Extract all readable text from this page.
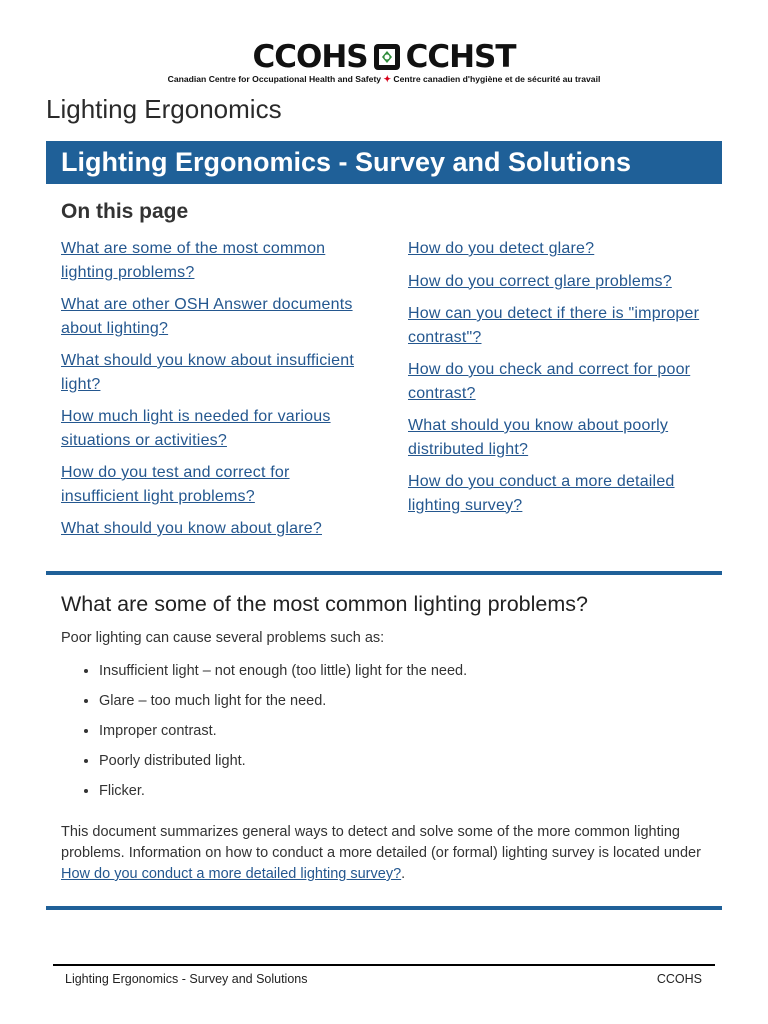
CCOHS CCHST
Canadian Centre for Occupational Health and Safety ✦ Centre canadien d'hygiène et de sécurité au travail
Lighting Ergonomics
Lighting Ergonomics - Survey and Solutions
On this page
What are some of the most common lighting problems?
What are other OSH Answer documents about lighting?
What should you know about insufficient light?
How much light is needed for various situations or activities?
How do you test and correct for insufficient light problems?
What should you know about glare?
How do you detect glare?
How do you correct glare problems?
How can you detect if there is "improper contrast"?
How do you check and correct for poor contrast?
What should you know about poorly distributed light?
How do you conduct a more detailed lighting survey?
What are some of the most common lighting problems?

Poor lighting can cause several problems such as:

• Insufficient light – not enough (too little) light for the need.
• Glare – too much light for the need.
• Improper contrast.
• Poorly distributed light.
• Flicker.

This document summarizes general ways to detect and solve some of the more common lighting problems. Information on how to conduct a more detailed (or formal) lighting survey is located under How do you conduct a more detailed lighting survey?.

Lighting Ergonomics - Survey and Solutions	CCOHS
